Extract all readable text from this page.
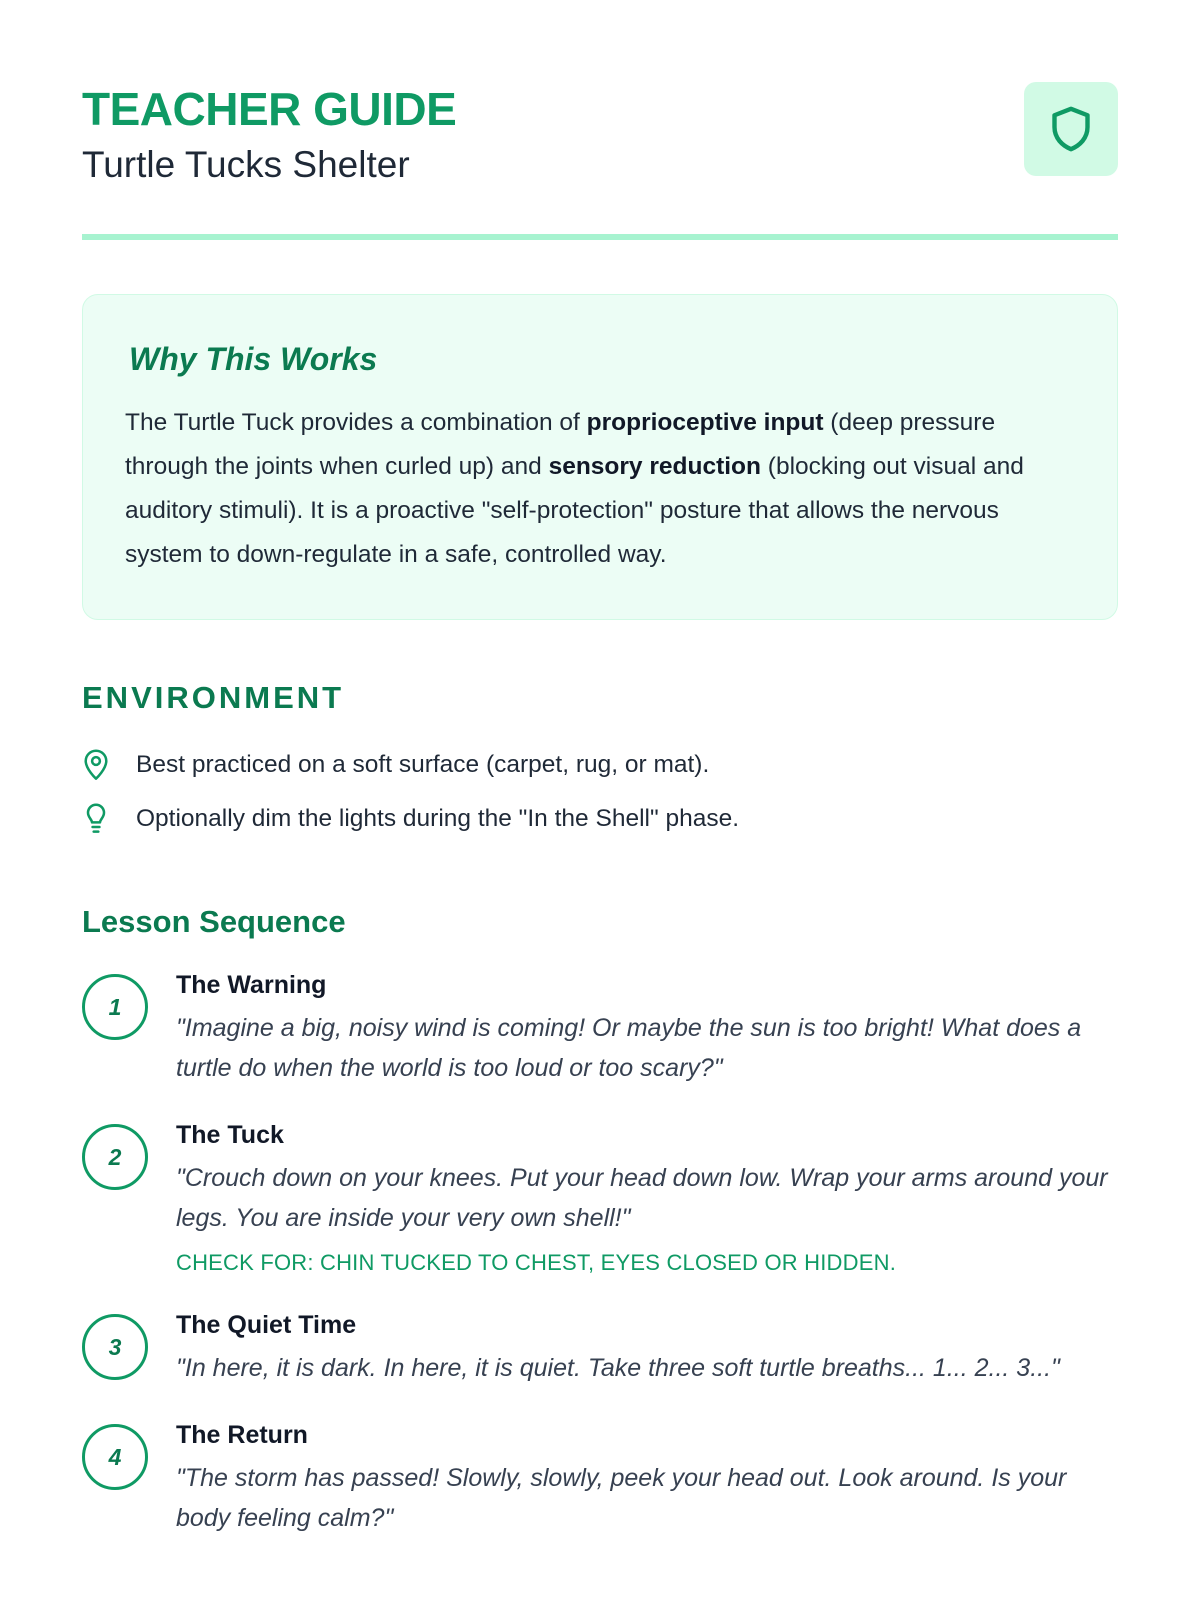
TEACHER GUIDE
Turtle Tucks Shelter
Why This Works

The Turtle Tuck provides a combination of proprioceptive input (deep pressure through the joints when curled up) and sensory reduction (blocking out visual and auditory stimuli). It is a proactive "self-protection" posture that allows the nervous system to down-regulate in a safe, controlled way.

ENVIRONMENT
Best practiced on a soft surface (carpet, rug, or mat).
Optionally dim the lights during the "In the Shell" phase.
Lesson Sequence
1
The Warning
"Imagine a big, noisy wind is coming! Or maybe the sun is too bright! What does a turtle do when the world is too loud or too scary?"
2
The Tuck
"Crouch down on your knees. Put your head down low. Wrap your arms around your legs. You are inside your very own shell!"
CHECK FOR: CHIN TUCKED TO CHEST, EYES CLOSED OR HIDDEN.
3
The Quiet Time
"In here, it is dark. In here, it is quiet. Take three soft turtle breaths... 1... 2... 3..."
4
The Return
"The storm has passed! Slowly, slowly, peek your head out. Look around. Is your body feeling calm?"
